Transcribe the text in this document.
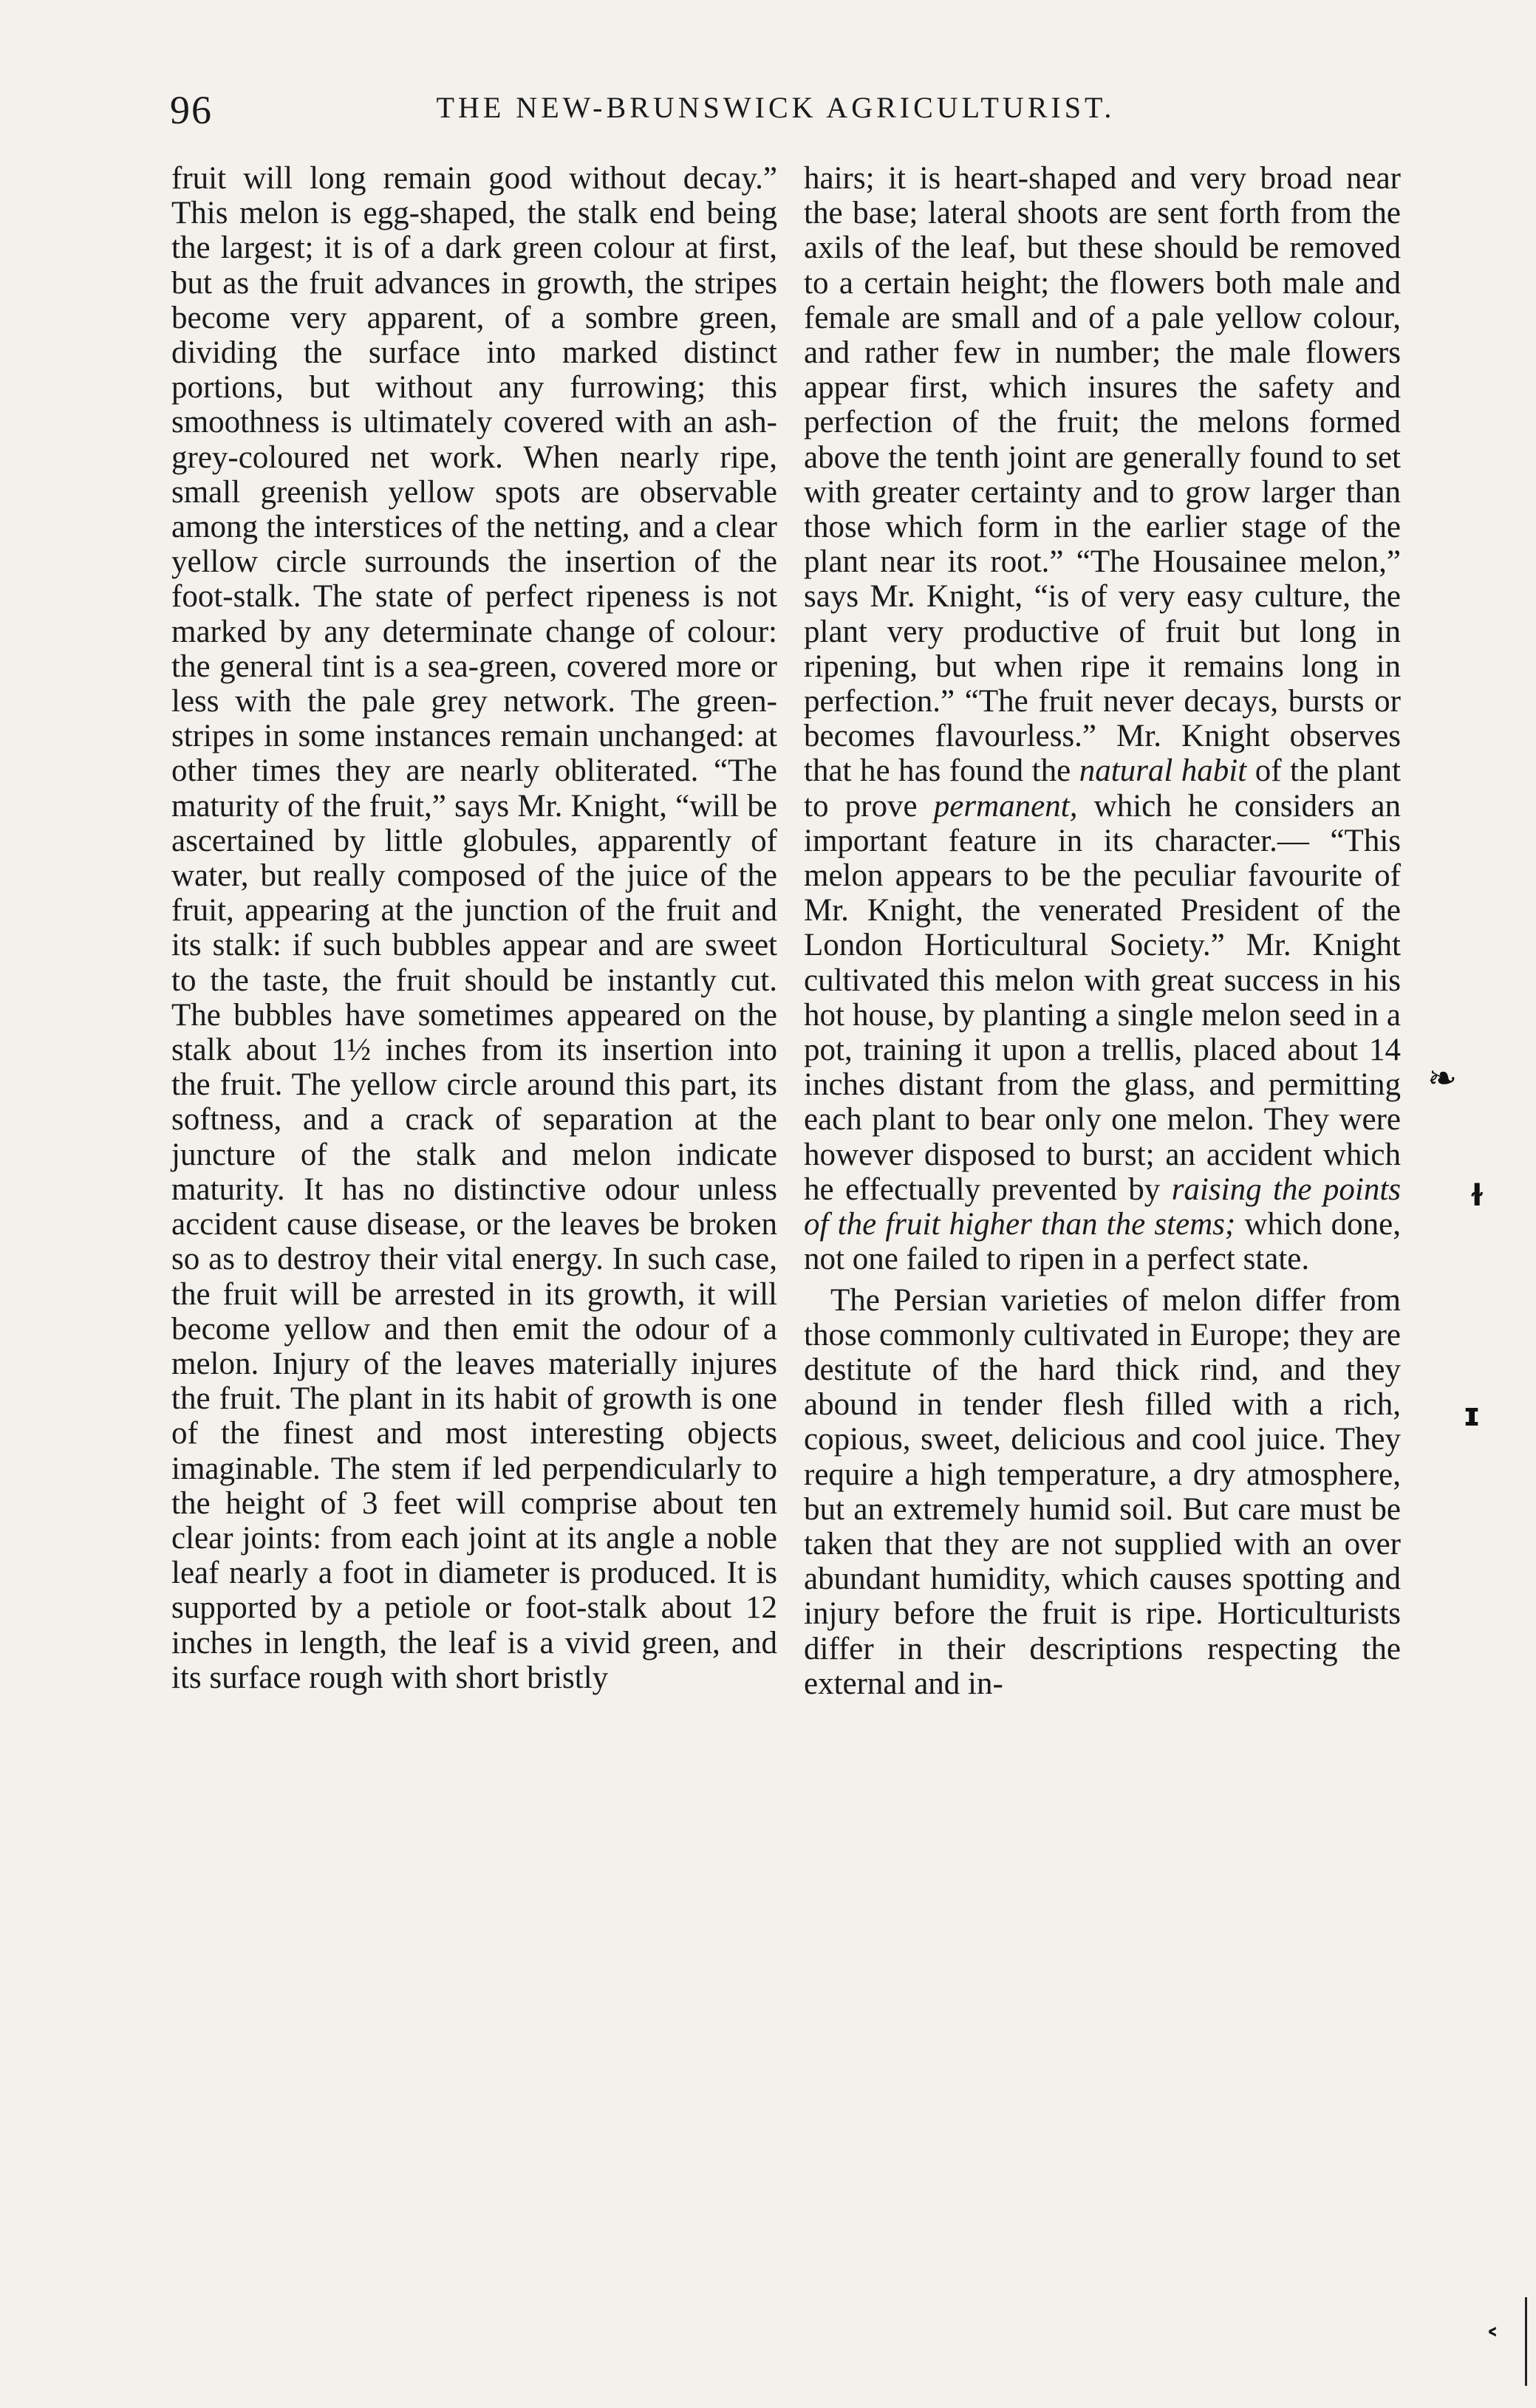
96	THE NEW-BRUNSWICK AGRICULTURIST.

fruit will long remain good without decay.” This melon is egg-shaped, the stalk end being the largest; it is of a dark green colour at first, but as the fruit advances in growth, the stripes become very apparent, of a sombre green, dividing the surface into marked distinct portions, but without any furrowing; this smoothness is ultimately covered with an ash-grey-coloured net work. When nearly ripe, small greenish yellow spots are observable among the interstices of the netting, and a clear yellow circle surrounds the insertion of the foot-stalk. The state of perfect ripeness is not marked by any determinate change of colour: the general tint is a sea-green, covered more or less with the pale grey network. The green-stripes in some instances remain unchanged: at other times they are nearly obliterated. “The maturity of the fruit,” says Mr. Knight, “will be ascertained by little globules, apparently of water, but really composed of the juice of the fruit, appearing at the junction of the fruit and its stalk: if such bubbles appear and are sweet to the taste, the fruit should be instantly cut. The bubbles have sometimes appeared on the stalk about 1½ inches from its insertion into the fruit. The yellow circle around this part, its softness, and a crack of separation at the juncture of the stalk and melon indicate maturity. It has no distinctive odour unless accident cause disease, or the leaves be broken so as to destroy their vital energy. In such case, the fruit will be arrested in its growth, it will become yellow and then emit the odour of a melon. Injury of the leaves materially injures the fruit. The plant in its habit of growth is one of the finest and most interesting objects imaginable. The stem if led perpendicularly to the height of 3 feet will comprise about ten clear joints: from each joint at its angle a noble leaf nearly a foot in diameter is produced. It is supported by a petiole or foot-stalk about 12 inches in length, the leaf is a vivid green, and its surface rough with short bristly

hairs; it is heart-shaped and very broad near the base; lateral shoots are sent forth from the axils of the leaf, but these should be removed to a certain height; the flowers both male and female are small and of a pale yellow colour, and rather few in number; the male flowers appear first, which insures the safety and perfection of the fruit; the melons formed above the tenth joint are generally found to set with greater certainty and to grow larger than those which form in the earlier stage of the plant near its root.” “The Housainee melon,” says Mr. Knight, “is of very easy culture, the plant very productive of fruit but long in ripening, but when ripe it remains long in perfection.” “The fruit never decays, bursts or becomes flavourless.” Mr. Knight observes that he has found the natural habit of the plant to prove permanent, which he considers an important feature in its character.— “This melon appears to be the peculiar favourite of Mr. Knight, the venerated President of the London Horticultural Society.” Mr. Knight cultivated this melon with great success in his hot house, by planting a single melon seed in a pot, training it upon a trellis, placed about 14 inches distant from the glass, and permitting each plant to bear only one melon. They were however disposed to burst; an accident which he effectually prevented by raising the points of the fruit higher than the stems; which done, not one failed to ripen in a perfect state.

The Persian varieties of melon differ from those commonly cultivated in Europe; they are destitute of the hard thick rind, and they abound in tender flesh filled with a rich, copious, sweet, delicious and cool juice. They require a high temperature, a dry atmosphere, but an extremely humid soil. But care must be taken that they are not supplied with an over abundant humidity, which causes spotting and injury before the fruit is ripe. Horticulturists differ in their descriptions respecting the external and in-

❧
ɫ
ɪ
˂
